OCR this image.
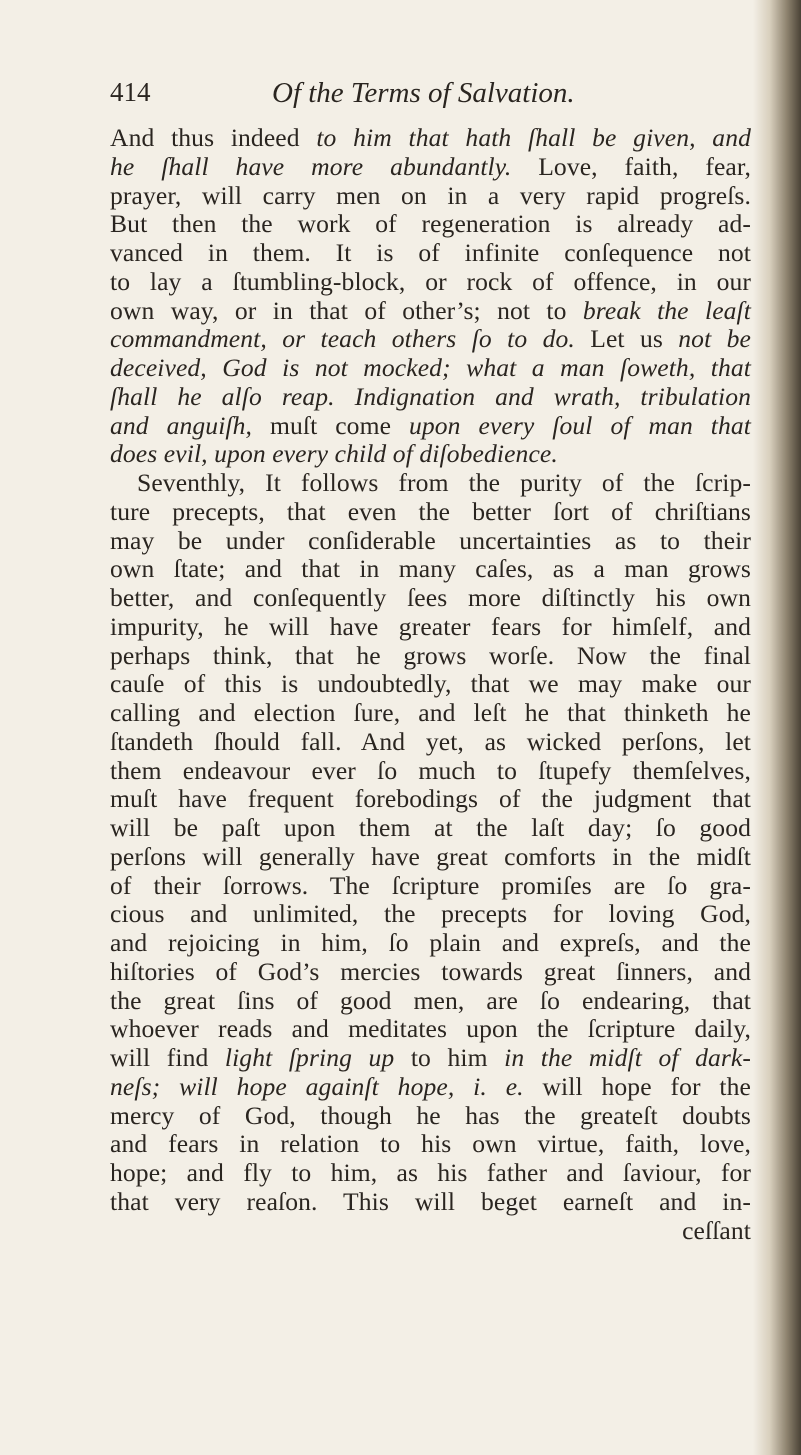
414	Of the Terms of Salvation.
And thus indeed to him that hath ſhall be given, and
he ſhall have more abundantly. Love, faith, fear,
prayer, will carry men on in a very rapid progreſs.
But then the work of regeneration is already ad-
vanced in them. It is of infinite conſequence not
to lay a ſtumbling-block, or rock of offence, in our
own way, or in that of other’s; not to break the leaſt
commandment, or teach others ſo to do. Let us not be
deceived, God is not mocked; what a man ſoweth, that
ſhall he alſo reap. Indignation and wrath, tribulation
and anguiſh, muſt come upon every ſoul of man that
does evil, upon every child of diſobedience.
Seventhly, It follows from the purity of the ſcrip-
ture precepts, that even the better ſort of chriſtians
may be under conſiderable uncertainties as to their
own ſtate; and that in many caſes, as a man grows
better, and conſequently ſees more diſtinctly his own
impurity, he will have greater fears for himſelf, and
perhaps think, that he grows worſe. Now the final
cauſe of this is undoubtedly, that we may make our
calling and election ſure, and leſt he that thinketh he
ſtandeth ſhould fall. And yet, as wicked perſons, let
them endeavour ever ſo much to ſtupefy themſelves,
muſt have frequent forebodings of the judgment that
will be paſt upon them at the laſt day; ſo good
perſons will generally have great comforts in the midſt
of their ſorrows. The ſcripture promiſes are ſo gra-
cious and unlimited, the precepts for loving God,
and rejoicing in him, ſo plain and expreſs, and the
hiſtories of God’s mercies towards great ſinners, and
the great ſins of good men, are ſo endearing, that
whoever reads and meditates upon the ſcripture daily,
will find light ſpring up to him in the midſt of dark-
neſs; will hope againſt hope, i. e. will hope for the
mercy of God, though he has the greateſt doubts
and fears in relation to his own virtue, faith, love,
hope; and fly to him, as his father and ſaviour, for
that very reaſon. This will beget earneſt and in-
ceſſant
